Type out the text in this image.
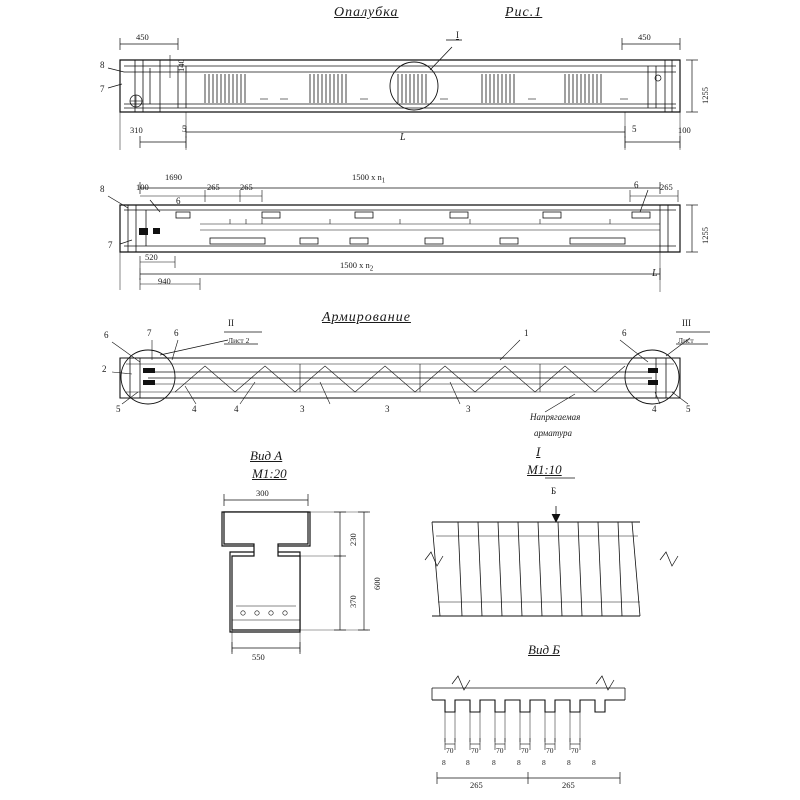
Опалубка	Рис.1
Армирование
Вид А
М1:20
I
М1:10
Вид Б
450	450
140
8
7
310	5	5	100
1255
L
I
1500 x $n_1$
1500 x $n_2$
8	100
1690
265 265
6
7
6	265
520
940
1255
L
6	7	6
2
5	4	4	3	3	3
1	6
5
4
II
Лист 2
III
Лист
Напрягаемая
арматура
300
550
230
370
600
Б
70 70 70 70 70 70
8	8	8	8	8	8	8
265	265
